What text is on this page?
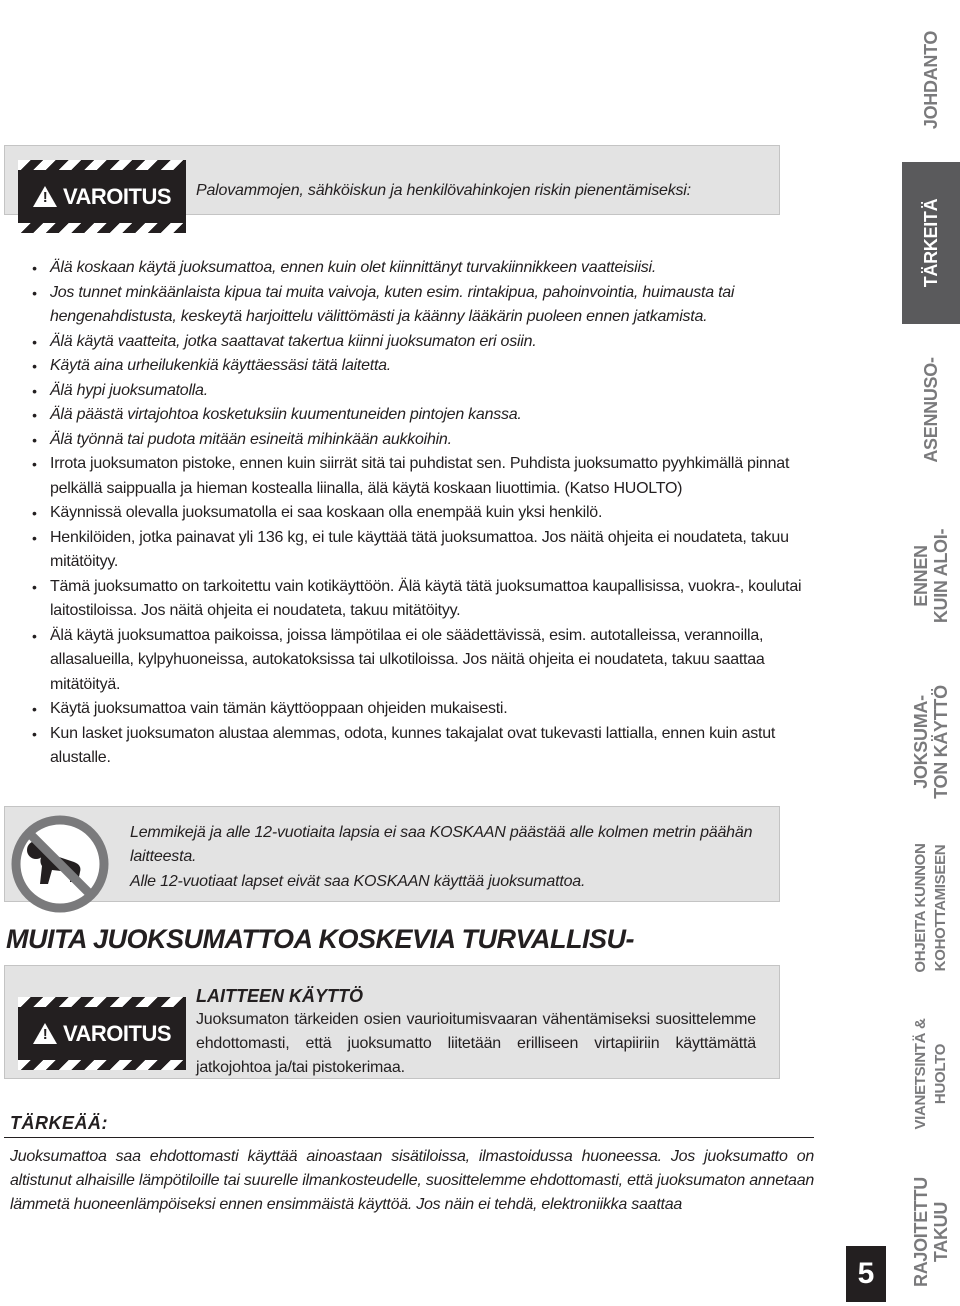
! VAROITUS Palovammojen, sähköiskun ja henkilövahinkojen riskin pienentämiseksi:
• Älä koskaan käytä juoksumattoa, ennen kuin olet kiinnittänyt turvakiinnikkeen vaatteisiisi.
• Jos tunnet minkäänlaista kipua tai muita vaivoja, kuten esim. rintakipua, pahoinvointia, huimausta tai hengenahdistusta, keskeytä harjoittelu välittömästi ja käänny lääkärin puoleen ennen jatkamista.
• Älä käytä vaatteita, jotka saattavat takertua kiinni juoksumaton eri osiin.
• Käytä aina urheilukenkiä käyttäessäsi tätä laitetta.
• Älä hypi juoksumatolla.
• Älä päästä virtajohtoa kosketuksiin kuumentuneiden pintojen kanssa.
• Älä työnnä tai pudota mitään esineitä mihinkään aukkoihin.
• Irrota juoksumaton pistoke, ennen kuin siirrät sitä tai puhdistat sen. Puhdista juoksumatto pyyhkimällä pinnat pelkällä saippualla ja hieman kostealla liinalla, älä käytä koskaan liuottimia. (Katso HUOLTO)
• Käynnissä olevalla juoksumatolla ei saa koskaan olla enempää kuin yksi henkilö.
• Henkilöiden, jotka painavat yli 136 kg, ei tule käyttää tätä juoksumattoa. Jos näitä ohjeita ei noudateta, takuu mitätöityy.
• Tämä juoksumatto on tarkoitettu vain kotikäyttöön. Älä käytä tätä juoksumattoa kaupallisissa, vuokra-, koulutai laitostiloissa. Jos näitä ohjeita ei noudateta, takuu mitätöityy.
• Älä käytä juoksumattoa paikoissa, joissa lämpötilaa ei ole säädettävissä, esim. autotalleissa, verannoilla, allasalueilla, kylpyhuoneissa, autokatoksissa tai ulkotiloissa. Jos näitä ohjeita ei noudateta, takuu saattaa mitätöityä.
• Käytä juoksumattoa vain tämän käyttöoppaan ohjeiden mukaisesti.
• Kun lasket juoksumaton alustaa alemmas, odota, kunnes takajalat ovat tukevasti lattialla, ennen kuin astut alustalle.
Lemmikejä ja alle 12-vuotiaita lapsia ei saa KOSKAAN päästää alle kolmen metrin päähän laitteesta.
Alle 12-vuotiaat lapset eivät saa KOSKAAN käyttää juoksumattoa.
MUITA JUOKSUMATTOA KOSKEVIA TURVALLISU-
! VAROITUS
LAITTEEN KÄYTTÖ
Juoksumaton tärkeiden osien vaurioitumisvaaran vähentämiseksi suosittelemme ehdottomasti, että juoksumatto liitetään erilliseen virtapiiriin käyttämättä jatkojohtoa ja/tai pistokerimaa.
TÄRKEÄÄ:
Juoksumattoa saa ehdottomasti käyttää ainoastaan sisätiloissa, ilmastoidussa huoneessa. Jos juoksumatto on altistunut alhaisille lämpötiloille tai suurelle ilmankosteudelle, suosittelemme ehdottomasti, että juoksumaton annetaan lämmetä huoneenlämpöiseksi ennen ensimmäistä käyttöä. Jos näin ei tehdä, elektroniikka saattaa
JOHDANTO
TÄRKEITÄ
ASENNUSO-
ENNEN KUIN ALOI-
JOKSUMA- TON KÄYTTÖ
OHJEITA KUNNON KOHOTTAMISEEN
VIANETSINTÄ & HUOLTO
RAJOITETTU TAKUU
5
